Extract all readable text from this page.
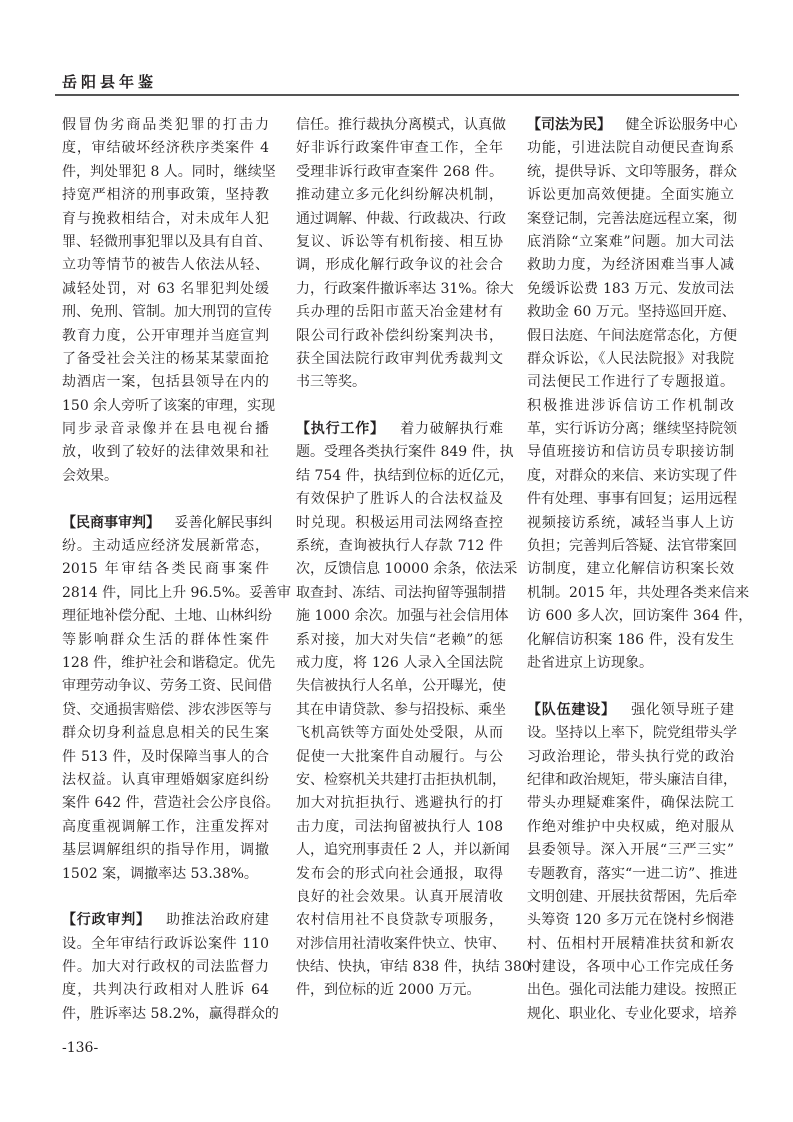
岳阳县年鉴
假冒伪劣商品类犯罪的打击力
度，审结破坏经济秩序类案件 4
件，判处罪犯 8 人。同时，继续坚
持宽严相济的刑事政策，坚持教
育与挽救相结合，对未成年人犯
罪、轻微刑事犯罪以及具有自首、
立功等情节的被告人依法从轻、
减轻处罚，对 63 名罪犯判处缓
刑、免刑、管制。加大刑罚的宣传
教育力度，公开审理并当庭宣判
了备受社会关注的杨某某蒙面抢
劫酒店一案，包括县领导在内的
150 余人旁听了该案的审理，实现
同步录音录像并在县电视台播
放，收到了较好的法律效果和社
会效果。
【民商事审判】 妥善化解民事纠
纷。主动适应经济发展新常态，
2015 年审结各类民商事案件
2814 件，同比上升 96.5%。妥善审
理征地补偿分配、土地、山林纠纷
等影响群众生活的群体性案件
128 件，维护社会和谐稳定。优先
审理劳动争议、劳务工资、民间借
贷、交通损害赔偿、涉农涉医等与
群众切身利益息息相关的民生案
件 513 件，及时保障当事人的合
法权益。认真审理婚姻家庭纠纷
案件 642 件，营造社会公序良俗。
高度重视调解工作，注重发挥对
基层调解组织的指导作用，调撤
1502 案，调撤率达 53.38%。
【行政审判】 助推法治政府建
设。全年审结行政诉讼案件 110
件。加大对行政权的司法监督力
度，共判决行政相对人胜诉 64
件，胜诉率达 58.2%，赢得群众的
信任。推行裁执分离模式，认真做
好非诉行政案件审查工作，全年
受理非诉行政审查案件 268 件。
推动建立多元化纠纷解决机制，
通过调解、仲裁、行政裁决、行政
复议、诉讼等有机衔接、相互协
调，形成化解行政争议的社会合
力，行政案件撤诉率达 31%。徐大
兵办理的岳阳市蓝天冶金建材有
限公司行政补偿纠纷案判决书，
获全国法院行政审判优秀裁判文
书三等奖。
【执行工作】 着力破解执行难
题。受理各类执行案件 849 件，执
结 754 件，执结到位标的近亿元，
有效保护了胜诉人的合法权益及
时兑现。积极运用司法网络查控
系统，查询被执行人存款 712 件
次，反馈信息 10000 余条，依法采
取查封、冻结、司法拘留等强制措
施 1000 余次。加强与社会信用体
系对接，加大对失信“老赖”的惩
戒力度，将 126 人录入全国法院
失信被执行人名单，公开曝光，使
其在申请贷款、参与招投标、乘坐
飞机高铁等方面处处受限，从而
促使一大批案件自动履行。与公
安、检察机关共建打击拒执机制，
加大对抗拒执行、逃避执行的打
击力度，司法拘留被执行人 108
人，追究刑事责任 2 人，并以新闻
发布会的形式向社会通报，取得
良好的社会效果。认真开展清收
农村信用社不良贷款专项服务，
对涉信用社清收案件快立、快审、
快结、快执，审结 838 件，执结 380
件，到位标的近 2000 万元。
【司法为民】 健全诉讼服务中心
功能，引进法院自动便民查询系
统，提供导诉、文印等服务，群众
诉讼更加高效便捷。全面实施立
案登记制，完善法庭远程立案，彻
底消除“立案难”问题。加大司法
救助力度，为经济困难当事人减
免缓诉讼费 183 万元、发放司法
救助金 60 万元。坚持巡回开庭、
假日法庭、午间法庭常态化，方便
群众诉讼，《人民法院报》对我院
司法便民工作进行了专题报道。
积极推进涉诉信访工作机制改
革，实行诉访分离；继续坚持院领
导值班接访和信访员专职接访制
度，对群众的来信、来访实现了件
件有处理、事事有回复；运用远程
视频接访系统，减轻当事人上访
负担；完善判后答疑、法官带案回
访制度，建立化解信访积案长效
机制。2015 年，共处理各类来信来
访 600 多人次，回访案件 364 件，
化解信访积案 186 件，没有发生
赴省进京上访现象。
【队伍建设】 强化领导班子建
设。坚持以上率下，院党组带头学
习政治理论，带头执行党的政治
纪律和政治规矩，带头廉洁自律，
带头办理疑难案件，确保法院工
作绝对维护中央权威，绝对服从
县委领导。深入开展“三严三实”
专题教育，落实“一进二访”、推进
文明创建、开展扶贫帮困，先后牵
头筹资 120 多万元在饶村乡悯港
村、伍相村开展精准扶贫和新农
村建设，各项中心工作完成任务
出色。强化司法能力建设。按照正
规化、职业化、专业化要求，培养
-136-
